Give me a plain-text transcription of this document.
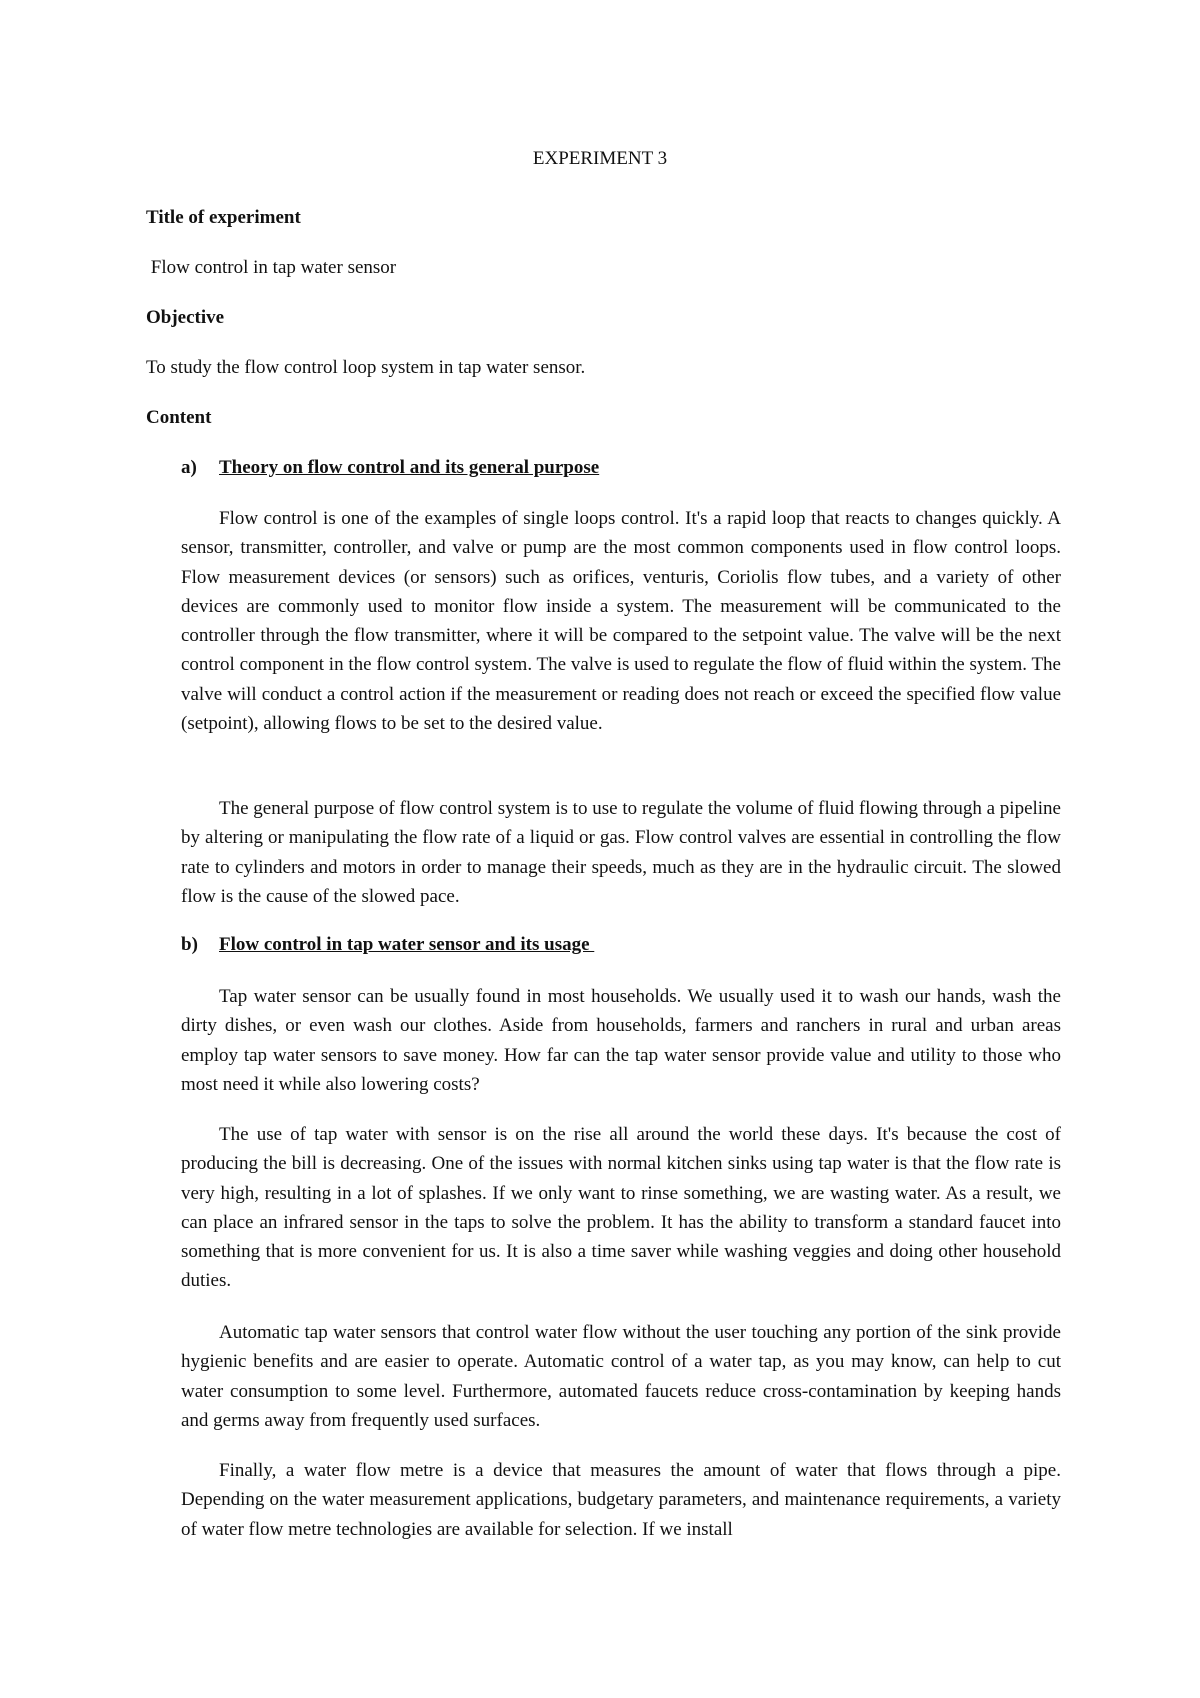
EXPERIMENT 3
Title of experiment
Flow control in tap water sensor
Objective
To study the flow control loop system in tap water sensor.
Content
a) Theory on flow control and its general purpose

Flow control is one of the examples of single loops control. It's a rapid loop that reacts to changes quickly. A sensor, transmitter, controller, and valve or pump are the most common components used in flow control loops. Flow measurement devices (or sensors) such as orifices, venturis, Coriolis flow tubes, and a variety of other devices are commonly used to monitor flow inside a system. The measurement will be communicated to the controller through the flow transmitter, where it will be compared to the setpoint value. The valve will be the next control component in the flow control system. The valve is used to regulate the flow of fluid within the system. The valve will conduct a control action if the measurement or reading does not reach or exceed the specified flow value (setpoint), allowing flows to be set to the desired value.

The general purpose of flow control system is to use to regulate the volume of fluid flowing through a pipeline by altering or manipulating the flow rate of a liquid or gas. Flow control valves are essential in controlling the flow rate to cylinders and motors in order to manage their speeds, much as they are in the hydraulic circuit. The slowed flow is the cause of the slowed pace.

b) Flow control in tap water sensor and its usage

Tap water sensor can be usually found in most households. We usually used it to wash our hands, wash the dirty dishes, or even wash our clothes. Aside from households, farmers and ranchers in rural and urban areas employ tap water sensors to save money. How far can the tap water sensor provide value and utility to those who most need it while also lowering costs?

The use of tap water with sensor is on the rise all around the world these days. It's because the cost of producing the bill is decreasing. One of the issues with normal kitchen sinks using tap water is that the flow rate is very high, resulting in a lot of splashes. If we only want to rinse something, we are wasting water. As a result, we can place an infrared sensor in the taps to solve the problem. It has the ability to transform a standard faucet into something that is more convenient for us. It is also a time saver while washing veggies and doing other household duties.

Automatic tap water sensors that control water flow without the user touching any portion of the sink provide hygienic benefits and are easier to operate. Automatic control of a water tap, as you may know, can help to cut water consumption to some level. Furthermore, automated faucets reduce cross-contamination by keeping hands and germs away from frequently used surfaces.

Finally, a water flow metre is a device that measures the amount of water that flows through a pipe. Depending on the water measurement applications, budgetary parameters, and maintenance requirements, a variety of water flow metre technologies are available for selection. If we install
